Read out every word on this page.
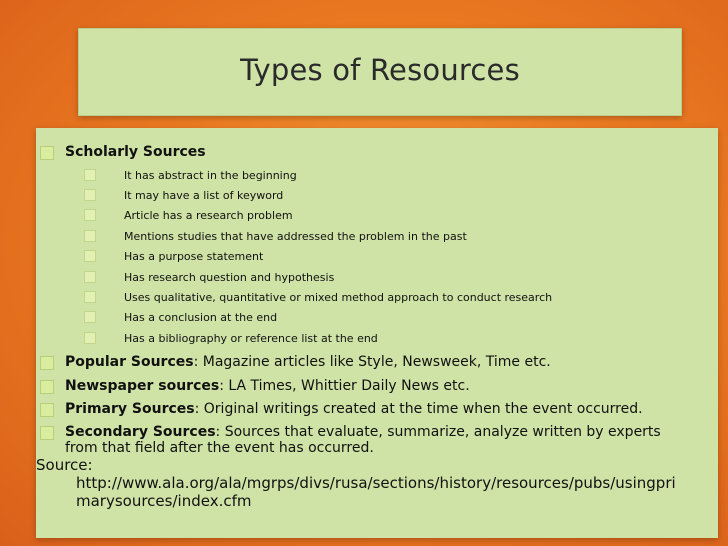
Types of Resources
Scholarly Sources
It has abstract in the beginning
It may have a list of keyword
Article has a research problem
Mentions studies that have addressed the problem in the past
Has a purpose statement
Has research question and hypothesis
Uses qualitative, quantitative or mixed method approach to conduct research
Has a conclusion at the end
Has a bibliography or reference list at the end
Popular Sources: Magazine articles like Style, Newsweek, Time etc.
Newspaper sources: LA Times, Whittier Daily News etc.
Primary Sources: Original writings created at the time when the event occurred.
Secondary Sources: Sources that evaluate, summarize, analyze written by experts from that field after the event has occurred.
Source:
http://www.ala.org/ala/mgrps/divs/rusa/sections/history/resources/pubs/usingprimarysources/index.cfm
